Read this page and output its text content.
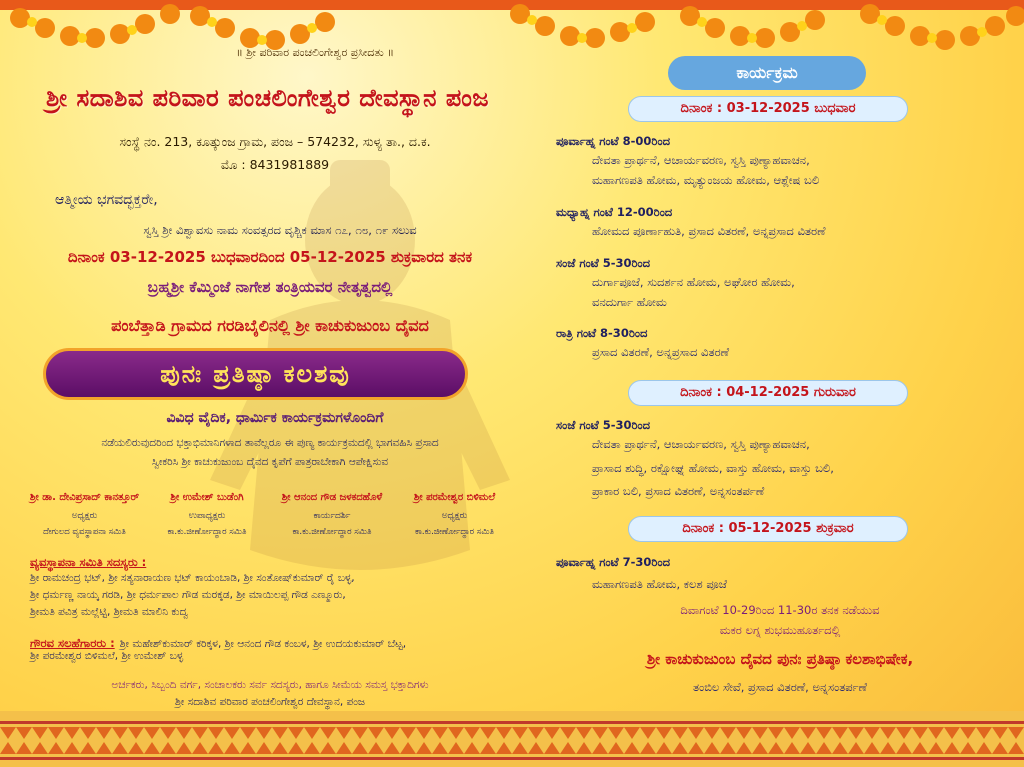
॥ ಶ್ರೀ ಪರಿವಾರ ಪಂಚಲಿಂಗೇಶ್ವರ ಪ್ರಸೀದತು ॥
ಶ್ರೀ ಸದಾಶಿವ ಪರಿವಾರ ಪಂಚಲಿಂಗೇಶ್ವರ ದೇವಸ್ಥಾನ ಪಂಜ
ಸಂಸ್ಥೆ ನಂ. 213, ಕೂತ್ಕುಂಜ ಗ್ರಾಮ, ಪಂಜ – 574232, ಸುಳ್ಯ ತಾ., ದ.ಕ.
ಮೊ : 8431981889
ಆತ್ಮೀಯ ಭಗವದ್ಭಕ್ತರೇ,
ಸ್ವಸ್ತಿ ಶ್ರೀ ವಿಶ್ವಾವಸು ನಾಮ ಸಂವತ್ಸರದ ವೃಶ್ಚಿಕ ಮಾಸ ೧೭, ೧೮, ೧೯ ಸಲುವ
ದಿನಾಂಕ 03-12-2025 ಬುಧವಾರದಿಂದ 05-12-2025 ಶುಕ್ರವಾರದ ತನಕ
ಬ್ರಹ್ಮಶ್ರೀ ಕೆಮ್ಮಿಂಜೆ ನಾಗೇಶ ತಂತ್ರಿಯವರ ನೇತೃತ್ವದಲ್ಲಿ
ಪಂಬೆತ್ತಾಡಿ ಗ್ರಾಮದ ಗರಡಿಬೈಲಿನಲ್ಲಿ ಶ್ರೀ ಕಾಚುಕುಜುಂಬ ದೈವದ
ಪುನಃ ಪ್ರತಿಷ್ಠಾ ಕಲಶವು
ವಿವಿಧ ವೈದಿಕ, ಧಾರ್ಮಿಕ ಕಾರ್ಯಕ್ರಮಗಳೊಂದಿಗೆ
ನಡೆಯಲಿರುವುದರಿಂದ ಭಕ್ತಾಭಿಮಾನಿಗಳಾದ ತಾವೆಲ್ಲರೂ ಈ ಪುಣ್ಯ ಕಾರ್ಯಕ್ರಮದಲ್ಲಿ ಭಾಗವಹಿಸಿ ಪ್ರಸಾದ
ಸ್ವೀಕರಿಸಿ ಶ್ರೀ ಕಾಚುಕುಜುಂಬ ದೈವದ ಕೃಪೆಗೆ ಪಾತ್ರರಾಬೇಕಾಗಿ ಆಪೇಕ್ಷಿಸುವ
ಶ್ರೀ ಡಾ. ದೇವಿಪ್ರಸಾದ್ ಕಾನತ್ತೂರ್
ಅಧ್ಯಕ್ಷರು
ದೇಗುಲದ ವ್ಯವಸ್ಥಾಪನಾ ಸಮಿತಿ
ಶ್ರೀ ಉಮೇಶ್ ಬುಡೆಂಗಿ
ಉಪಾಧ್ಯಕ್ಷರು
ಕಾ.ಕು.ಜೀರ್ಣೋದ್ಧಾರ ಸಮಿತಿ
ಶ್ರೀ ಆನಂದ ಗೌಡ ಜಳಕದಹೊಳೆ
ಕಾರ್ಯದರ್ಶಿ
ಕಾ.ಕು.ಜೀರ್ಣೋದ್ಧಾರ ಸಮಿತಿ
ಶ್ರೀ ಪರಮೇಶ್ವರ ಬಿಳಿಮಲೆ
ಅಧ್ಯಕ್ಷರು
ಕಾ.ಕು.ಜೀರ್ಣೋದ್ಧಾರ ಸಮಿತಿ
ವ್ಯವಸ್ಥಾಪನಾ ಸಮಿತಿ ಸದಸ್ಯರು :
ಶ್ರೀ ರಾಮಚಂದ್ರ ಭಟ್, ಶ್ರೀ ಸತ್ಯನಾರಾಯಣ ಭಟ್ ಕಾಯಂಬಾಡಿ, ಶ್ರೀ ಸಂತೋಷ್‌ಕುಮಾರ್ ರೈ ಬಳ್ಳ,
ಶ್ರೀ ಧರ್ಮಣ್ಣ ನಾಯ್ಕ ಗರಡಿ, ಶ್ರೀ ಧರ್ಮಪಾಲ ಗೌಡ ಮರಕ್ಕಡ, ಶ್ರೀ ಮಾಯಿಲಪ್ಪ ಗೌಡ ಎಣ್ಮೂರು,
ಶ್ರೀಮತಿ ಪವಿತ್ರ ಮಲ್ಲೆಟ್ಟಿ, ಶ್ರೀಮತಿ ಮಾಲಿನಿ ಕುದ್ವ
ಗೌರವ ಸಲಹೆಗಾರರು : ಶ್ರೀ ಮಹೇಶ್‌ಕುಮಾರ್ ಕರಿಕ್ಕಳ, ಶ್ರೀ ಆನಂದ ಗೌಡ ಕಂಬಳ, ಶ್ರೀ ಉದಯಕುಮಾರ್ ಬೆಟ್ಟ,
ಶ್ರೀ ಪರಮೇಶ್ವರ ಬಿಳಿಮಲೆ, ಶ್ರೀ ಉಮೇಶ್ ಬಳ್ಳ
ಅರ್ಚಕರು, ಸಿಬ್ಬಂದಿ ವರ್ಗ, ಸಂಚಾಲಕರು ಸರ್ವ ಸದಸ್ಯರು, ಹಾಗೂ ಸೀಮೆಯ ಸಮಸ್ತ ಭಕ್ತಾದಿಗಳು
ಶ್ರೀ ಸದಾಶಿವ ಪರಿವಾರ ಪಂಚಲಿಂಗೇಶ್ವರ ದೇವಸ್ಥಾನ, ಪಂಜ
ಕಾರ್ಯಕ್ರಮ
ದಿನಾಂಕ : 03-12-2025 ಬುಧವಾರ
ಪೂರ್ವಾಹ್ನ ಗಂಟೆ 8-00ರಿಂದ
ದೇವತಾ ಪ್ರಾರ್ಥನೆ, ಆಚಾರ್ಯವರಣ, ಸ್ವಸ್ತಿ ಪುಣ್ಯಾಹವಾಚನ,
ಮಹಾಗಣಪತಿ ಹೋಮ, ಮೃತ್ಯುಂಜಯ ಹೋಮ, ಆಶ್ಲೇಷ ಬಲಿ
ಮಧ್ಯಾಹ್ನ ಗಂಟೆ 12-00ರಿಂದ
ಹೋಮದ ಪೂರ್ಣಾಹುತಿ, ಪ್ರಸಾದ ವಿತರಣೆ, ಅನ್ನಪ್ರಸಾದ ವಿತರಣೆ
ಸಂಜೆ ಗಂಟೆ 5-30ರಿಂದ
ದುರ್ಗಾಪೂಜೆ, ಸುದರ್ಶನ ಹೋಮ, ಅಘೋರ ಹೋಮ,
ವನದುರ್ಗಾ ಹೋಮ
ರಾತ್ರಿ ಗಂಟೆ 8-30ರಿಂದ
ಪ್ರಸಾದ ವಿತರಣೆ, ಅನ್ನಪ್ರಸಾದ ವಿತರಣೆ
ದಿನಾಂಕ : 04-12-2025 ಗುರುವಾರ
ಸಂಜೆ ಗಂಟೆ 5-30ರಿಂದ
ದೇವತಾ ಪ್ರಾರ್ಥನೆ, ಆಚಾರ್ಯವರಣ, ಸ್ವಸ್ತಿ ಪುಣ್ಯಾಹವಾಚನ,
ಪ್ರಾಸಾದ ಶುದ್ಧಿ, ರಕ್ಷೋಘ್ನ ಹೋಮ, ವಾಸ್ತು ಹೋಮ, ವಾಸ್ತು ಬಲಿ,
ಪ್ರಾಕಾರ ಬಲಿ, ಪ್ರಸಾದ ವಿತರಣೆ, ಅನ್ನಸಂತರ್ಪಣೆ
ದಿನಾಂಕ : 05-12-2025 ಶುಕ್ರವಾರ
ಪೂರ್ವಾಹ್ನ ಗಂಟೆ 7-30ರಿಂದ
ಮಹಾಗಣಪತಿ ಹೋಮ, ಕಲಶ ಪೂಜೆ
ದಿವಾಗಂಟೆ 10-29ರಿಂದ 11-30ರ ತನಕ ನಡೆಯುವ
ಮಕರ ಲಗ್ನ ಶುಭಮುಹೂರ್ತದಲ್ಲಿ
ಶ್ರೀ ಕಾಚುಕುಜುಂಬ ದೈವದ ಪುನಃ ಪ್ರತಿಷ್ಠಾ ಕಲಶಾಭಿಷೇಕ,
ತಂಬಿಲ ಸೇವೆ, ಪ್ರಸಾದ ವಿತರಣೆ, ಅನ್ನಸಂತರ್ಪಣೆ
